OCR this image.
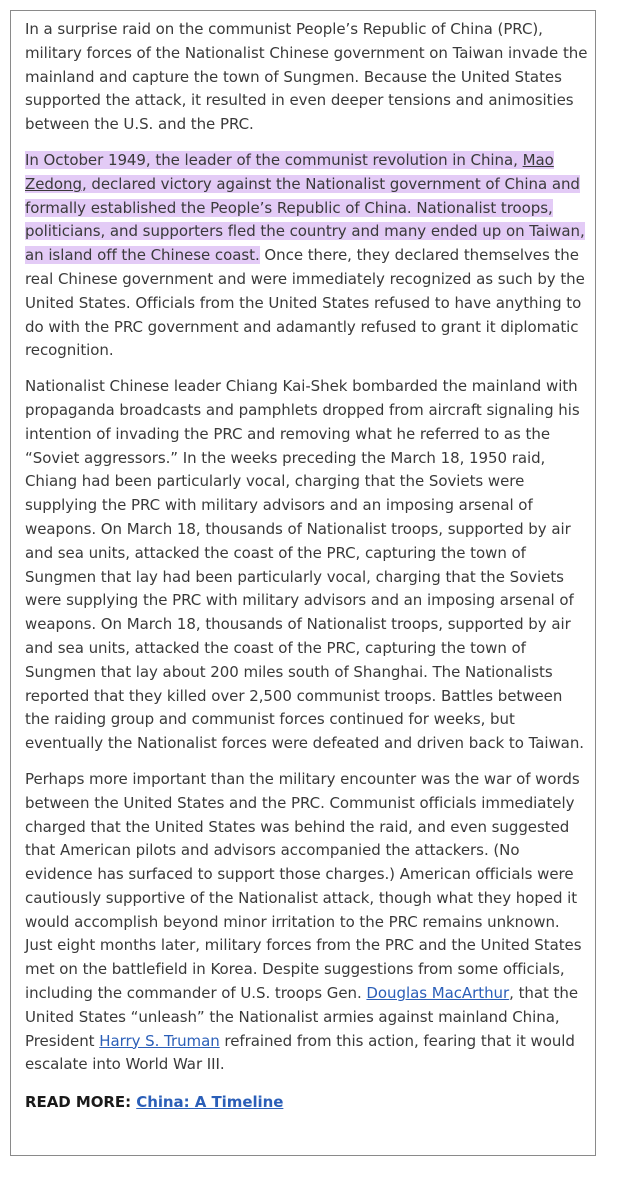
In a surprise raid on the communist People’s Republic of China (PRC), military forces of the Nationalist Chinese government on Taiwan invade the mainland and capture the town of Sungmen. Because the United States supported the attack, it resulted in even deeper tensions and animosities between the U.S. and the PRC.

In October 1949, the leader of the communist revolution in China, Mao Zedong, declared victory against the Nationalist government of China and formally established the People’s Republic of China. Nationalist troops, politicians, and supporters fled the country and many ended up on Taiwan, an island off the Chinese coast. Once there, they declared themselves the real Chinese government and were immediately recognized as such by the United States. Officials from the United States refused to have anything to do with the PRC government and adamantly refused to grant it diplomatic recognition.

Nationalist Chinese leader Chiang Kai-Shek bombarded the mainland with propaganda broadcasts and pamphlets dropped from aircraft signaling his intention of invading the PRC and removing what he referred to as the “Soviet aggressors.” In the weeks preceding the March 18, 1950 raid, Chiang had been particularly vocal, charging that the Soviets were supplying the PRC with military advisors and an imposing arsenal of weapons. On March 18, thousands of Nationalist troops, supported by air and sea units, attacked the coast of the PRC, capturing the town of Sungmen that lay had been particularly vocal, charging that the Soviets were supplying the PRC with military advisors and an imposing arsenal of weapons. On March 18, thousands of Nationalist troops, supported by air and sea units, attacked the coast of the PRC, capturing the town of Sungmen that lay about 200 miles south of Shanghai. The Nationalists reported that they killed over 2,500 communist troops. Battles between the raiding group and communist forces continued for weeks, but eventually the Nationalist forces were defeated and driven back to Taiwan.

Perhaps more important than the military encounter was the war of words between the United States and the PRC. Communist officials immediately charged that the United States was behind the raid, and even suggested that American pilots and advisors accompanied the attackers. (No evidence has surfaced to support those charges.) American officials were cautiously supportive of the Nationalist attack, though what they hoped it would accomplish beyond minor irritation to the PRC remains unknown. Just eight months later, military forces from the PRC and the United States met on the battlefield in Korea. Despite suggestions from some officials, including the commander of U.S. troops Gen. Douglas MacArthur, that the United States “unleash” the Nationalist armies against mainland China, President Harry S. Truman refrained from this action, fearing that it would escalate into World War III.

READ MORE: China: A Timeline
